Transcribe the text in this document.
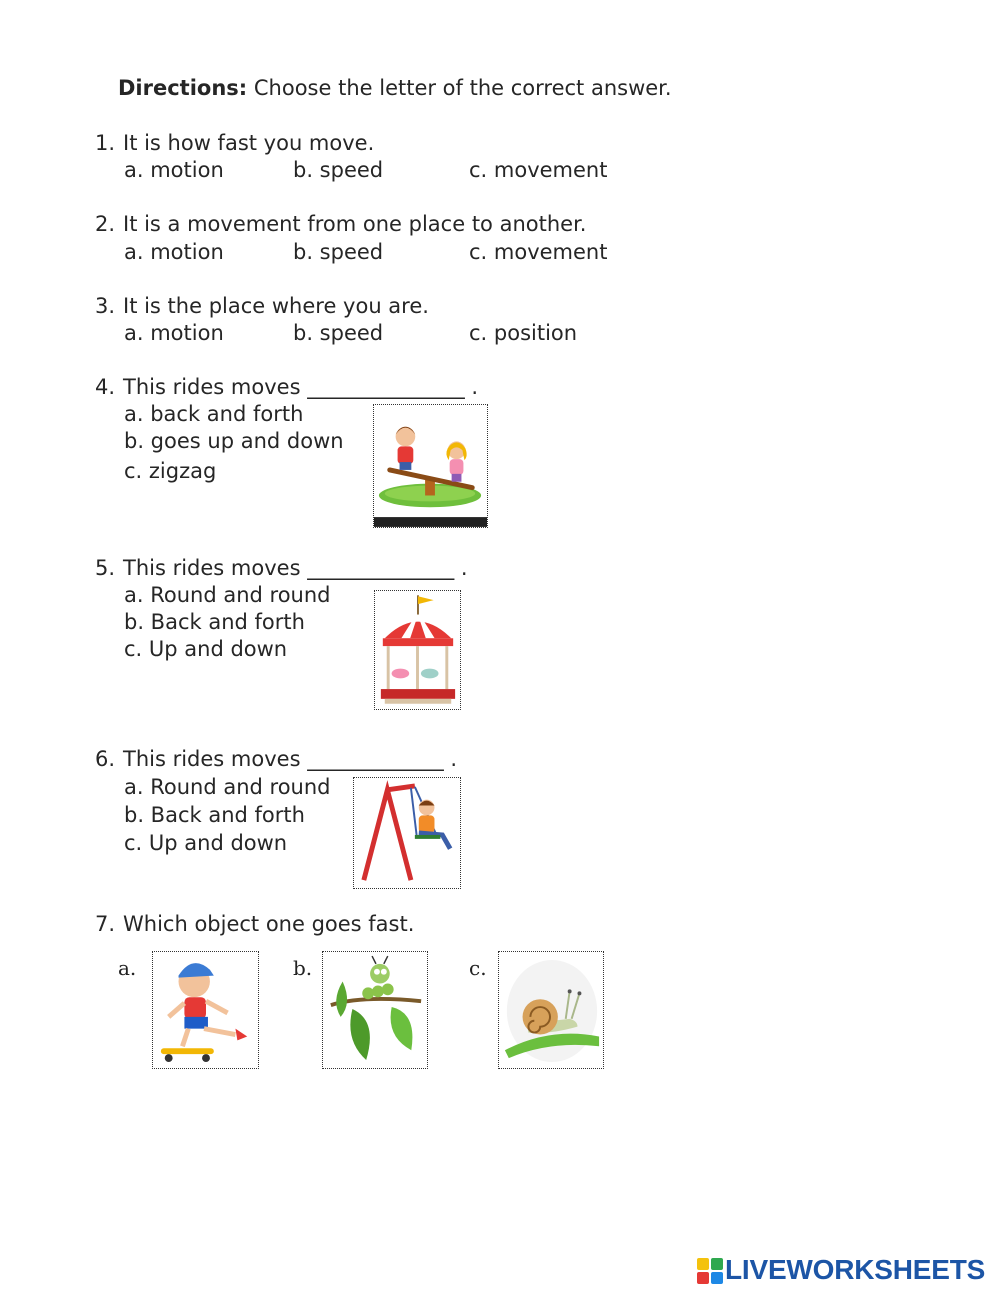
Directions: Choose the letter of the correct answer.
1. It is how fast you move.
a. motion	b. speed	c. movement
2. It is a movement from one place to another.
a. motion	b. speed	c. movement
3. It is the place where you are.
a. motion	b. speed	c. position
4. This rides moves _______________ .
a. back and forth
b. goes up and down
c. zigzag
5. This rides moves ______________ .
a. Round and round
b. Back and forth
c. Up and down
6. This rides moves _____________ .
a. Round and round
b. Back and forth
c. Up and down
7. Which object one goes fast.
a.	b.	c.
LIVEWORKSHEETS
